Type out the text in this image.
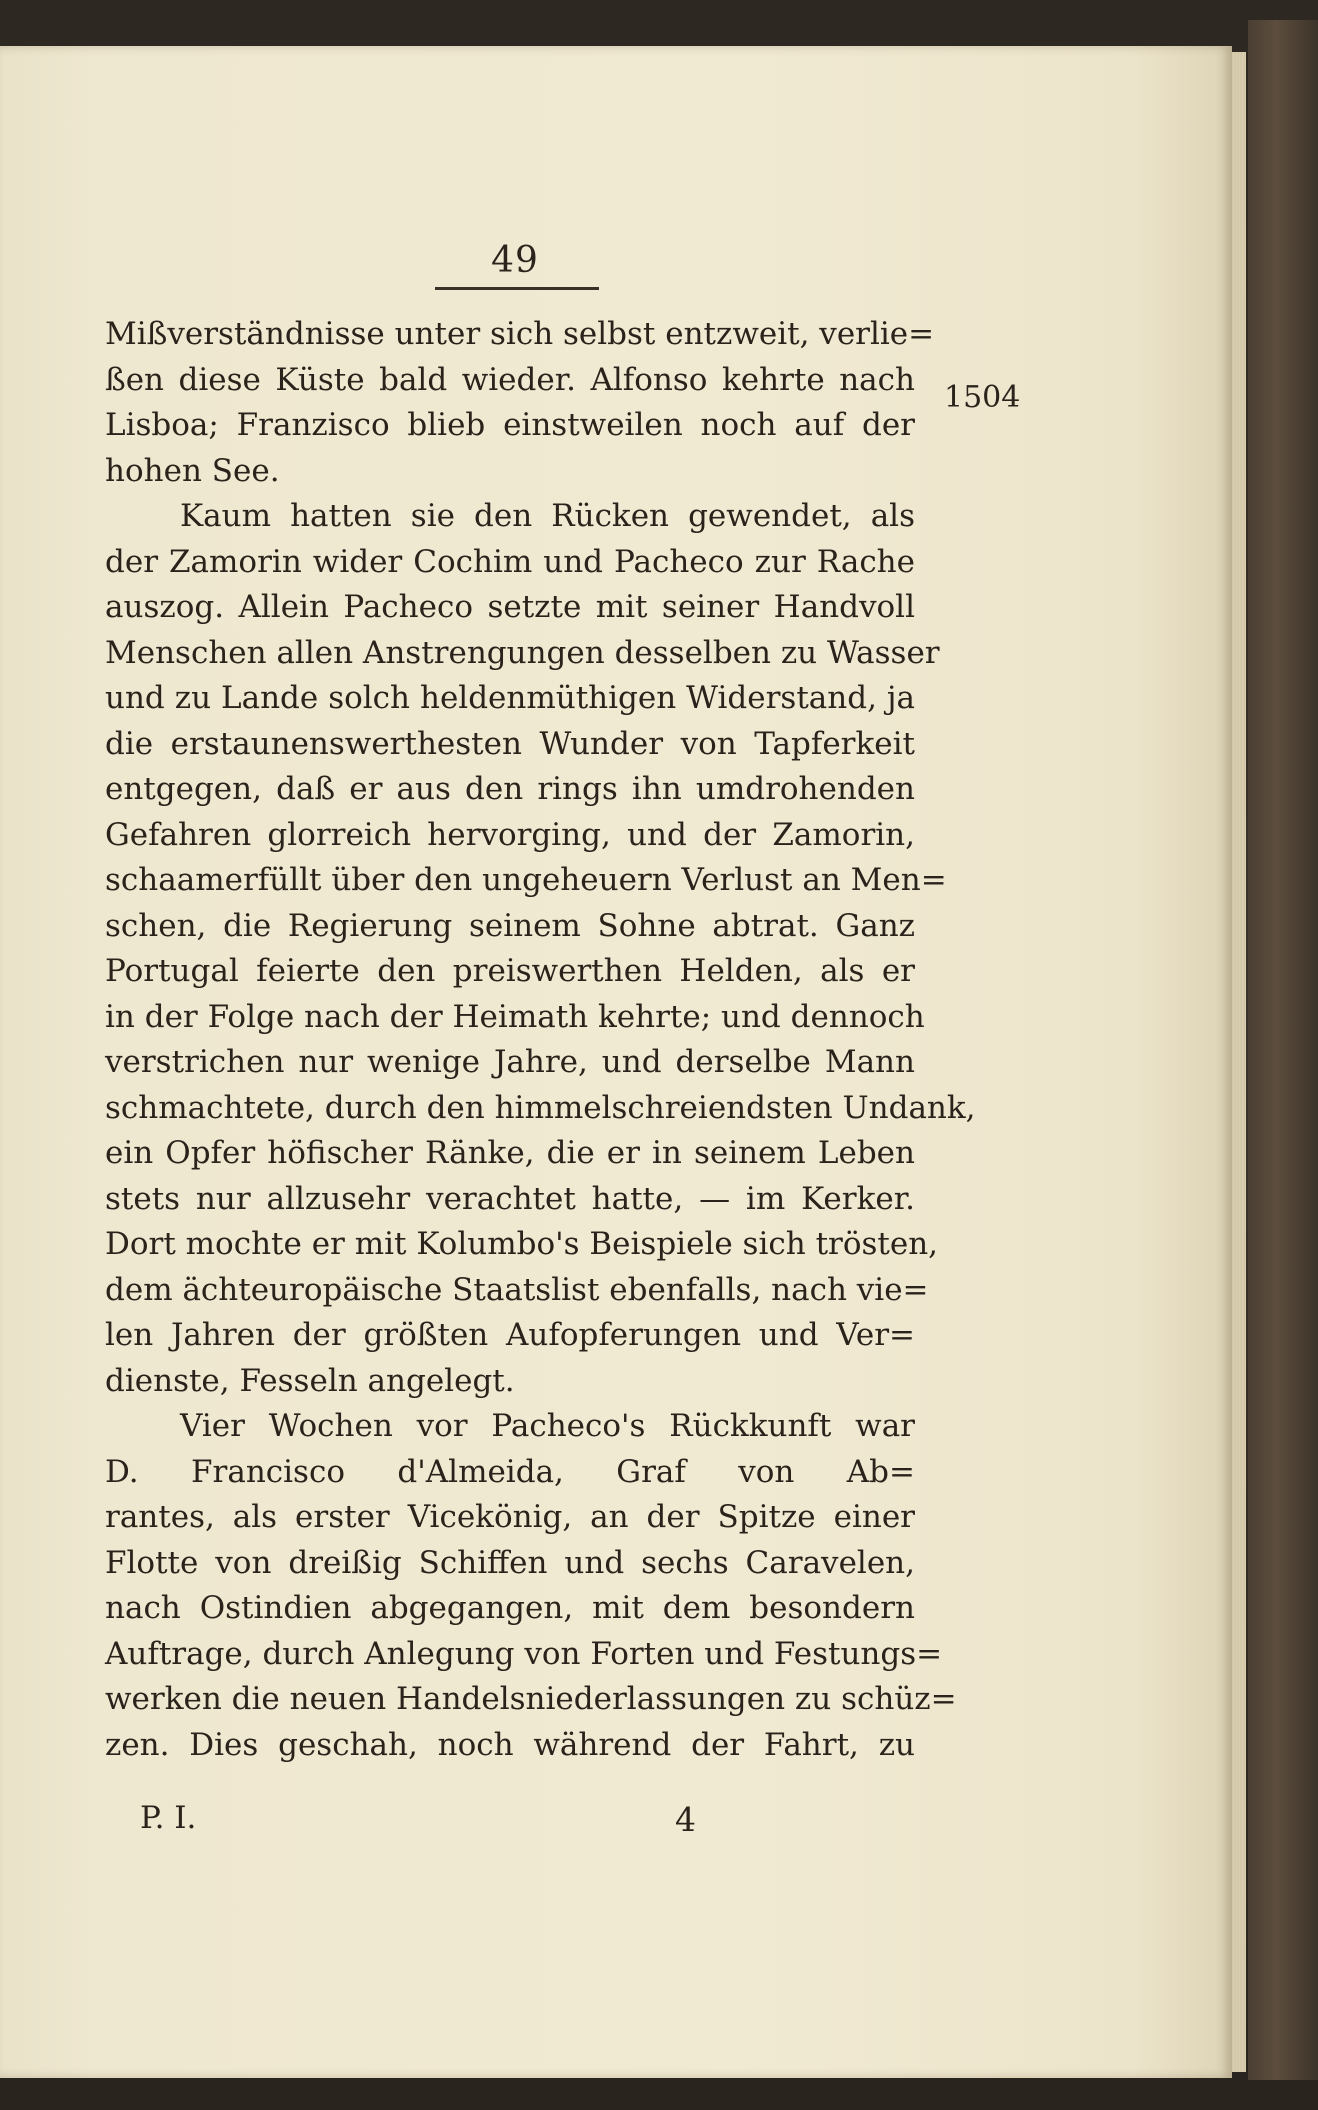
49
1504
Mißverständnisse unter sich selbst entzweit, verlie=
ßen diese Küste bald wieder. Alfonso kehrte nach
Lisboa; Franzisco blieb einstweilen noch auf der
hohen See.
Kaum hatten sie den Rücken gewendet, als
der Zamorin wider Cochim und Pacheco zur Rache
auszog. Allein Pacheco setzte mit seiner Handvoll
Menschen allen Anstrengungen desselben zu Wasser
und zu Lande solch heldenmüthigen Widerstand, ja
die erstaunenswerthesten Wunder von Tapferkeit
entgegen, daß er aus den rings ihn umdrohenden
Gefahren glorreich hervorging, und der Zamorin,
schaamerfüllt über den ungeheuern Verlust an Men=
schen, die Regierung seinem Sohne abtrat. Ganz
Portugal feierte den preiswerthen Helden, als er
in der Folge nach der Heimath kehrte; und dennoch
verstrichen nur wenige Jahre, und derselbe Mann
schmachtete, durch den himmelschreiendsten Undank,
ein Opfer höfischer Ränke, die er in seinem Leben
stets nur allzusehr verachtet hatte, — im Kerker.
Dort mochte er mit Kolumbo's Beispiele sich trösten,
dem ächteuropäische Staatslist ebenfalls, nach vie=
len Jahren der größten Aufopferungen und Ver=
dienste, Fesseln angelegt.
Vier Wochen vor Pacheco's Rückkunft war
D. Francisco d'Almeida, Graf von Ab=
rantes, als erster Vicekönig, an der Spitze einer
Flotte von dreißig Schiffen und sechs Caravelen,
nach Ostindien abgegangen, mit dem besondern
Auftrage, durch Anlegung von Forten und Festungs=
werken die neuen Handelsniederlassungen zu schüz=
zen. Dies geschah, noch während der Fahrt, zu
P. I.	4
